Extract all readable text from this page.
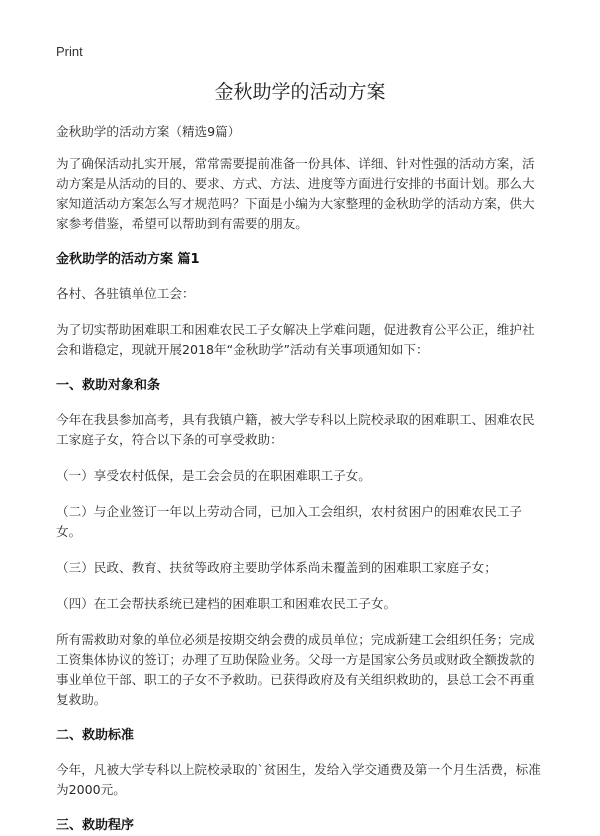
Print
金秋助学的活动方案

金秋助学的活动方案（精选9篇）

为了确保活动扎实开展，常常需要提前准备一份具体、详细、针对性强的活动方案，活动方案是从活动的目的、要求、方式、方法、进度等方面进行安排的书面计划。那么大家知道活动方案怎么写才规范吗？下面是小编为大家整理的金秋助学的活动方案，供大家参考借鉴，希望可以帮助到有需要的朋友。

金秋助学的活动方案 篇1

各村、各驻镇单位工会：

为了切实帮助困难职工和困难农民工子女解决上学难问题，促进教育公平公正，维护社会和谐稳定，现就开展2018年“金秋助学”活动有关事项通知如下：

一、救助对象和条

今年在我县参加高考，具有我镇户籍，被大学专科以上院校录取的困难职工、困难农民工家庭子女，符合以下条的可享受救助：

（一）享受农村低保，是工会会员的在职困难职工子女。

（二）与企业签订一年以上劳动合同，已加入工会组织，农村贫困户的困难农民工子女。

（三）民政、教育、扶贫等政府主要助学体系尚未覆盖到的困难职工家庭子女；

（四）在工会帮扶系统已建档的困难职工和困难农民工子女。

所有需救助对象的单位必须是按期交纳会费的成员单位；完成新建工会组织任务；完成工资集体协议的签订；办理了互助保险业务。父母一方是国家公务员或财政全额拨款的事业单位干部、职工的子女不予救助。已获得政府及有关组织救助的，县总工会不再重复救助。

二、救助标准

今年，凡被大学专科以上院校录取的`贫困生，发给入学交通费及第一个月生活费，标准为2000元。

三、救助程序
